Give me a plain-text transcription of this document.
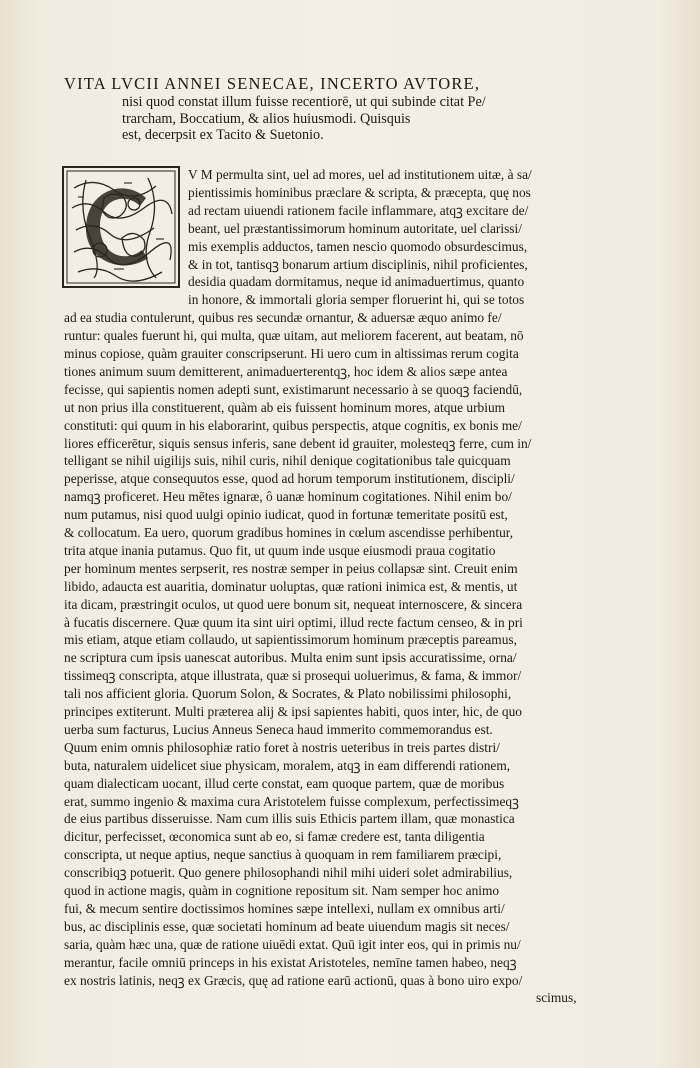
VITA LVCII ANNEI SENECAE, INCERTO AVTORE,
nisi quod constat illum fuisse recentiorē, ut qui subinde citat Pe/
trarcham, Boccatium, & alios huiusmodi. Quisquis
est, decerpsit ex Tacito & Suetonio.
V M permulta sint, uel ad mores, uel ad institutionem uitæ, à sa/
pientissimis hominibus præclare & scripta, & præcepta, quę nos
ad rectam uiuendi rationem facile inflammare, atqꝫ excitare de/
beant, uel præstantissimorum hominum autoritate, uel clarissi/
mis exemplis adductos, tamen nescio quomodo obsurdescimus,
& in tot, tantisqꝫ bonarum artium disciplinis, nihil proficientes,
desidia quadam dormitamus, neque id animaduertimus, quanto
in honore, & immortali gloria semper floruerint hi, qui se totos
ad ea studia contulerunt, quibus res secundæ ornantur, & aduersæ æquo animo fe/
runtur: quales fuerunt hi, qui multa, quæ uitam, aut meliorem facerent, aut beatam, nō
minus copiose, quàm grauiter conscripserunt. Hi uero cum in altissimas rerum cogita
tiones animum suum demitterent, animaduerterentqꝫ, hoc idem & alios sæpe antea
fecisse, qui sapientis nomen adepti sunt, existimarunt necessario à se quoqꝫ faciendū,
ut non prius illa constituerent, quàm ab eis fuissent hominum mores, atque urbium
constituti: qui quum in his elaborarint, quibus perspectis, atque cognitis, ex bonis me/
liores efficerētur, siquis sensus inferis, sane debent id grauiter, molesteqꝫ ferre, cum in/
telligant se nihil uigilijs suis, nihil curis, nihil denique cogitationibus tale quicquam
peperisse, atque consequutos esse, quod ad horum temporum institutionem, discipli/
namqꝫ proficeret. Heu mētes ignaræ, ô uanæ hominum cogitationes. Nihil enim bo/
num putamus, nisi quod uulgi opinio iudicat, quod in fortunæ temeritate positū est,
& collocatum. Ea uero, quorum gradibus homines in cœlum ascendisse perhibentur,
trita atque inania putamus. Quo fit, ut quum inde usque eiusmodi praua cogitatio
per hominum mentes serpserit, res nostræ semper in peius collapsæ sint. Creuit enim
libido, adaucta est auaritia, dominatur uoluptas, quæ rationi inimica est, & mentis, ut
ita dicam, præstringit oculos, ut quod uere bonum sit, nequeat internoscere, & sincera
à fucatis discernere. Quæ quum ita sint uiri optimi, illud recte factum censeo, & in pri
mis etiam, atque etiam collaudo, ut sapientissimorum hominum præceptis pareamus,
ne scriptura cum ipsis uanescat autoribus. Multa enim sunt ipsis accuratissime, orna/
tissimeqꝫ conscripta, atque illustrata, quæ si prosequi uoluerimus, & fama, & immor/
tali nos afficient gloria. Quorum Solon, & Socrates, & Plato nobilissimi philosophi,
principes extiterunt. Multi præterea alij & ipsi sapientes habiti, quos inter, hic, de quo
uerba sum facturus, Lucius Anneus Seneca haud immerito commemorandus est.
Quum enim omnis philosophiæ ratio foret à nostris ueteribus in treis partes distri/
buta, naturalem uidelicet siue physicam, moralem, atqꝫ in eam differendi rationem,
quam dialecticam uocant, illud certe constat, eam quoque partem, quæ de moribus
erat, summo ingenio & maxima cura Aristotelem fuisse complexum, perfectissimeqꝫ
de eius partibus disseruisse. Nam cum illis suis Ethicis partem illam, quæ monastica
dicitur, perfecisset, œconomica sunt ab eo, si famæ credere est, tanta diligentia
conscripta, ut neque aptius, neque sanctius à quoquam in rem familiarem præcipi,
conscribiqꝫ potuerit. Quo genere philosophandi nihil mihi uideri solet admirabilius,
quod in actione magis, quàm in cognitione repositum sit. Nam semper hoc animo
fui, & mecum sentire doctissimos homines sæpe intellexi, nullam ex omnibus arti/
bus, ac disciplinis esse, quæ societati hominum ad beate uiuendum magis sit neces/
saria, quàm hæc una, quæ de ratione uiuēdi extat. Quū igit inter eos, qui in primis nu/
merantur, facile omniū princeps in his existat Aristoteles, nemīne tamen habeo, neqꝫ
ex nostris latinis, neqꝫ ex Græcis, quę ad ratione earū actionū, quas à bono uiro expo/
scimus,
